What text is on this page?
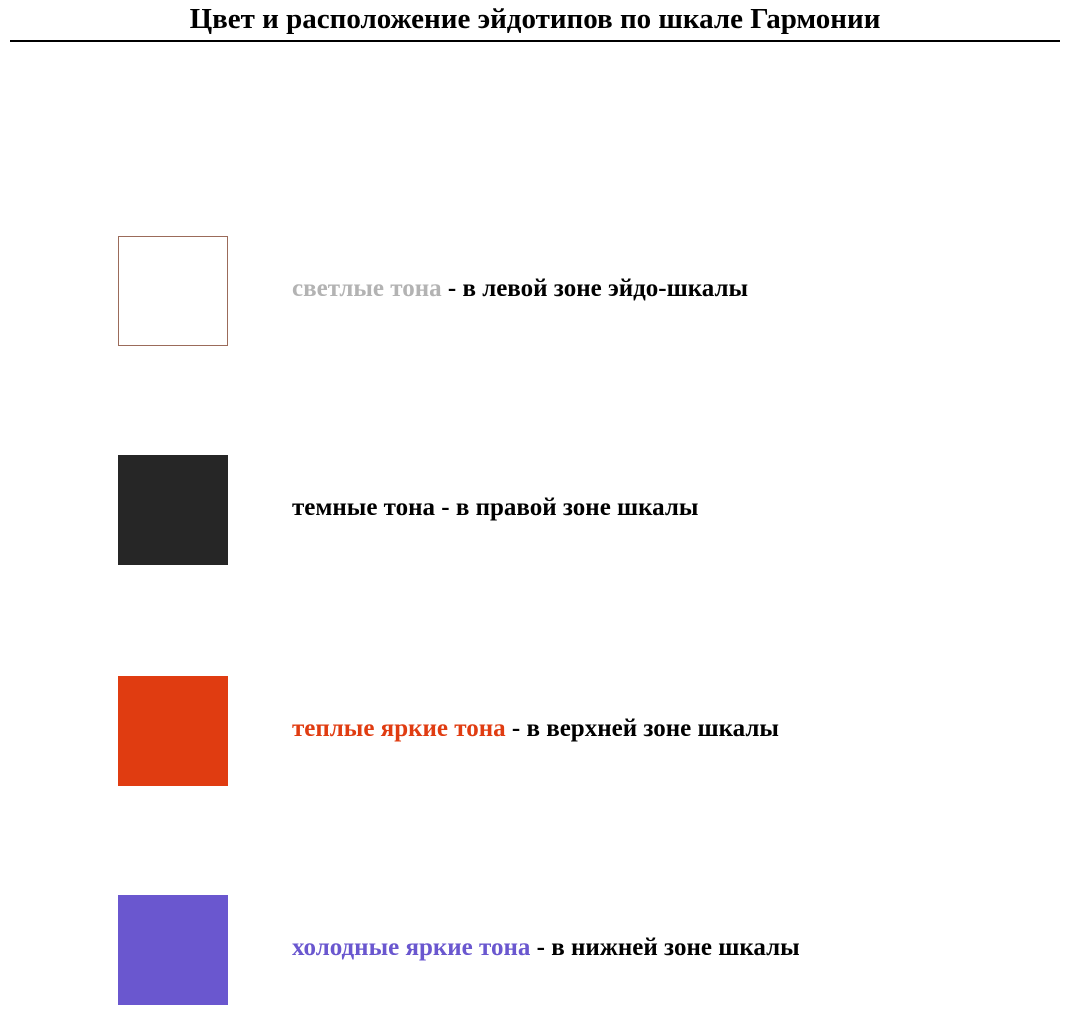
Цвет и расположение эйдотипов по шкале Гармонии
светлые тона - в левой зоне эйдо-шкалы
темные тона - в правой зоне шкалы
теплые яркие тона - в верхней зоне шкалы
холодные яркие тона - в нижней зоне шкалы
